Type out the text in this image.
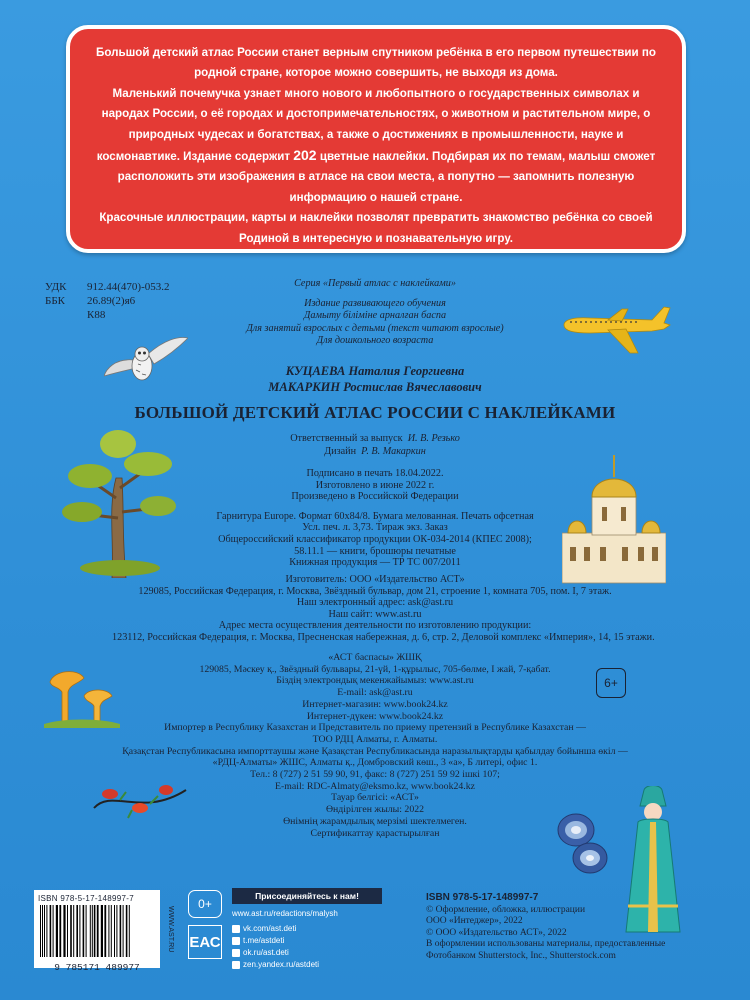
Большой детский атлас России станет верным спутником ребёнка в его первом путешествии по родной стране, которое можно совершить, не выходя из дома.

Маленький почемучка узнает много нового и любопытного о государственных символах и народах России, о её городах и достопримечательностях, о животном и растительном мире, о природных чудесах и богатствах, а также о достижениях в промышленности, науке и космонавтике. Издание содержит 202 цветные наклейки. Подбирая их по темам, малыш сможет расположить эти изображения в атласе на свои места, а попутно — запомнить полезную информацию о нашей стране.

Красочные иллюстрации, карты и наклейки позволят превратить знакомство ребёнка со своей Родиной в интересную и познавательную игру.

УДК	912.44(470)-053.2
ББК	26.89(2)я6
К88
Серия «Первый атлас с наклейками»
Издание развивающего обучения
Дамыту біліміне арналған баспа
Для занятий взрослых с детьми (текст читают взрослые)
Для дошкольного возраста
КУЦАЕВА Наталия Георгиевна
МАКАРКИН Ростислав Вячеславович
БОЛЬШОЙ ДЕТСКИЙ АТЛАС РОССИИ С НАКЛЕЙКАМИ
Ответственный за выпуск И. В. Резько
Дизайн Р. В. Макаркин
Подписано в печать 18.04.2022.
Изготовлено в июне 2022 г.
Произведено в Российской Федерации
Гарнитура Europe. Формат 60x84/8. Бумага мелованная. Печать офсетная
Усл. печ. л. 3,73. Тираж экз. Заказ
Общероссийский классификатор продукции ОК-034-2014 (КПЕС 2008);
58.11.1 — книги, брошюры печатные
Книжная продукция — ТР ТС 007/2011
Изготовитель: ООО «Издательство АСТ»
129085, Российская Федерация, г. Москва, Звёздный бульвар, дом 21, строение 1, комната 705, пом. I, 7 этаж.
Наш электронный адрес: ask@ast.ru
Наш сайт: www.ast.ru
Адрес места осуществления деятельности по изготовлению продукции:
123112, Российская Федерация, г. Москва, Пресненская набережная, д. 6, стр. 2, Деловой комплекс «Империя», 14, 15 этажи.
«АСТ баспасы» ЖШҚ
129085, Мәскеу қ., Звёздный бульвары, 21-үй, 1-құрылыс, 705-бөлме, I жай, 7-қабат.
Біздің электрондық мекенжайымыз: www.ast.ru
E-mail: ask@ast.ru
Интернет-магазин: www.book24.kz
Интернет-дүкен: www.book24.kz
Импортер в Республику Казахстан и Представитель по приему претензий в Республике Казахстан —
ТОО РДЦ Алматы, г. Алматы.
Қазақстан Республикасына импорттаушы және Қазақстан Республикасында наразылықтарды қабылдау бойынша өкіл —
«РДЦ-Алматы» ЖШС, Алматы қ., Домбровский көш., 3 «а», Б литері, офис 1.
Тел.: 8 (727) 2 51 59 90, 91, факс: 8 (727) 251 59 92 ішкі 107;
E-mail: RDC-Almaty@eksmo.kz, www.book24.kz
Тауар белгісі: «АСТ»
Өндірілген жылы: 2022
Өнімнің жарамдылық мерзімі шектелмеген.
Сертификаттау қарастырылған
6+
ISBN 978-5-17-148997-7
9 785171 489977
WWW.AST.RU
0+
ЕАС
Присоединяйтесь к нам!
www.ast.ru/redactions/malysh
vk.com/ast.deti
t.me/astdeti
ok.ru/ast.deti
zen.yandex.ru/astdeti
ISBN 978-5-17-148997-7
© Оформление, обложка, иллюстрации
ООО «Интеджер», 2022
© ООО «Издательство АСТ», 2022
В оформлении использованы материалы, предоставленные
Фотобанком Shutterstock, Inc., Shutterstock.com
